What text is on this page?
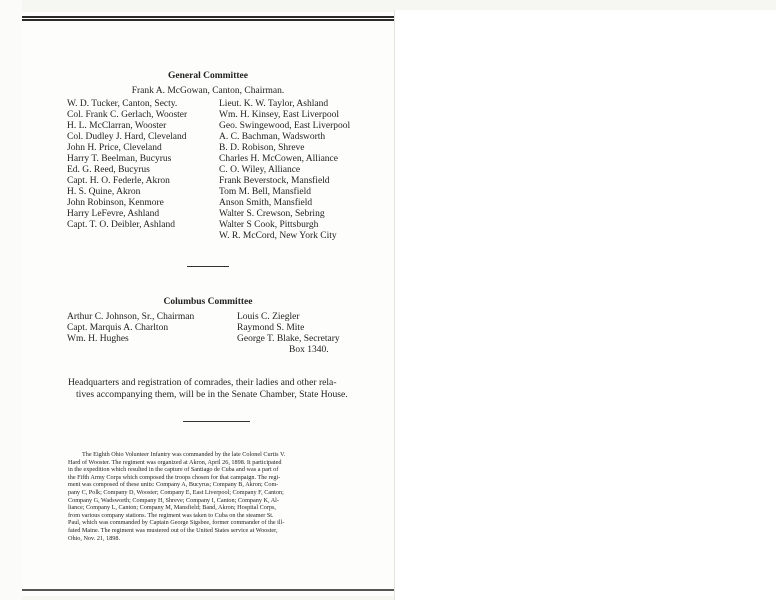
General Committee
Frank A. McGowan, Canton, Chairman.
W. D. Tucker, Canton, Secty.
Col. Frank C. Gerlach, Wooster
H. L. McClarran, Wooster
Col. Dudley J. Hard, Cleveland
John H. Price, Cleveland
Harry T. Beelman, Bucyrus
Ed. G. Reed, Bucyrus
Capt. H. O. Federle, Akron
H. S. Quine, Akron
John Robinson, Kenmore
Harry LeFevre, Ashland
Capt. T. O. Deibler, Ashland
Lieut. K. W. Taylor, Ashland
Wm. H. Kinsey, East Liverpool
Geo. Swingewood, East Liverpool
A. C. Bachman, Wadsworth
B. D. Robison, Shreve
Charles H. McCowen, Alliance
C. O. Wiley, Alliance
Frank Beverstock, Mansfield
Tom M. Bell, Mansfield
Anson Smith, Mansfield
Walter S. Crewson, Sebring
Walter S Cook, Pittsburgh
W. R. McCord, New York City
Columbus Committee
Arthur C. Johnson, Sr., Chairman
Capt. Marquis A. Charlton
Wm. H. Hughes
Louis C. Ziegler
Raymond S. Mite
George T. Blake, Secretary
Box 1340.
Headquarters and registration of comrades, their ladies and other rela-
tives accompanying them, will be in the Senate Chamber, State House.
The Eighth Ohio Volunteer Infantry was commanded by the late Colonel Curtis V.
Hard of Wooster. The regiment was organized at Akron, April 26, 1898. It participated
in the expedition which resulted in the capture of Santiago de Cuba and was a part of
the Fifth Army Corps which composed the troops chosen for that campaign. The regi-
ment was composed of these units: Company A, Bucyrus; Company B, Akron; Com-
pany C, Polk; Company D, Wooster; Company E, East Liverpool; Company F, Canton;
Company G, Wadsworth; Company H, Shreve; Company I, Canton; Company K, Al-
liance; Company L, Canton; Company M, Mansfield; Band, Akron; Hospital Corps,
from various company stations. The regiment was taken to Cuba on the steamer St.
Paul, which was commanded by Captain George Sigsbee, former commander of the ill-
fated Maine. The regiment was mustered out of the United States service at Wooster,
Ohio, Nov. 21, 1898.
